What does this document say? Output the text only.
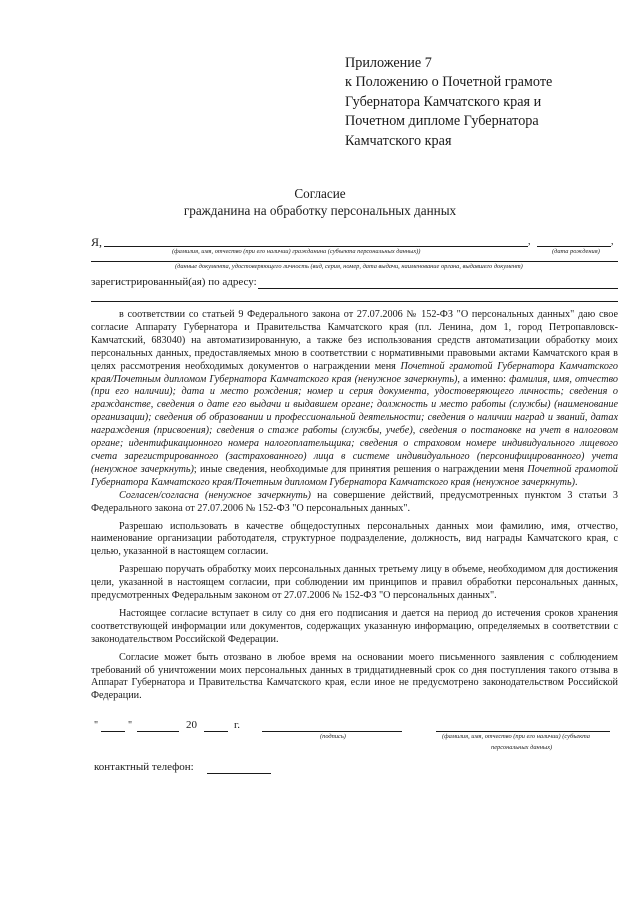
Приложение 7
к Положению о Почетной грамоте
Губернатора Камчатского края и
Почетном дипломе Губернатора
Камчатского края
Согласие
гражданина на обработку персональных данных
Я,	,	,
(фамилия, имя, отчество (при его наличии) гражданина (субъекта персональных данных))	(дата рождения)
(данные документа, удостоверяющего личность (вид, серия, номер, дата выдачи, наименование органа, выдавшего документ)
зарегистрированный(ая) по адресу:

в соответствии со статьей 9 Федерального закона от 27.07.2006 № 152-ФЗ "О персональных данных" даю свое согласие Аппарату Губернатора и Правительства Камчатского края (пл. Ленина, дом 1, город Петропавловск-Камчатский, 683040) на автоматизированную, а также без использования средств автоматизации обработку моих персональных данных, предоставляемых мною в соответствии с нормативными правовыми актами Камчатского края в целях рассмотрения необходимых документов о награждении меня Почетной грамотой Губернатора Камчатского края/Почетным дипломом Губернатора Камчатского края (ненужное зачеркнуть), а именно: фамилия, имя, отчество (при его наличии); дата и место рождения; номер и серия документа, удостоверяющего личность; сведения о гражданстве, сведения о дате его выдачи и выдавшем органе; должность и место работы (службы) (наименование организации); сведения об образовании и профессиональной деятельности; сведения о наличии наград и званий, датах награждения (присвоения); сведения о стаже работы (службы, учебе), сведения о постановке на учет в налоговом органе; идентификационного номера налогоплательщика; сведения о страховом номере индивидуального лицевого счета зарегистрированного (застрахованного) лица в системе индивидуального (персонифицированного) учета (ненужное зачеркнуть); иные сведения, необходимые для принятия решения о награждении меня Почетной грамотой Губернатора Камчатского края/Почетным дипломом Губернатора Камчатского края (ненужное зачеркнуть).

Согласен/согласна (ненужное зачеркнуть) на совершение действий, предусмотренных пунктом 3 статьи 3 Федерального закона от 27.07.2006 № 152-ФЗ "О персональных данных".

Разрешаю использовать в качестве общедоступных персональных данных мои фамилию, имя, отчество, наименование организации работодателя, структурное подразделение, должность, вид награды Камчатского края, с целью, указанной в настоящем согласии.

Разрешаю поручать обработку моих персональных данных третьему лицу в объеме, необходимом для достижения цели, указанной в настоящем согласии, при соблюдении им принципов и правил обработки персональных данных, предусмотренных Федеральным законом от 27.07.2006 № 152-ФЗ "О персональных данных".

Настоящее согласие вступает в силу со дня его подписания и дается на период до истечения сроков хранения соответствующей информации или документов, содержащих указанную информацию, определяемых в соответствии с законодательством Российской Федерации.

Согласие может быть отозвано в любое время на основании моего письменного заявления с соблюдением требований об уничтожении моих персональных данных в тридцатидневный срок со дня поступления такого отзыва в Аппарат Губернатора и Правительства Камчатского края, если иное не предусмотрено законодательством Российской Федерации.

"	"	20	г.
(подпись)	(фамилия, имя, отчество (при его наличии) (субъекта
персональных данных)
контактный телефон:
